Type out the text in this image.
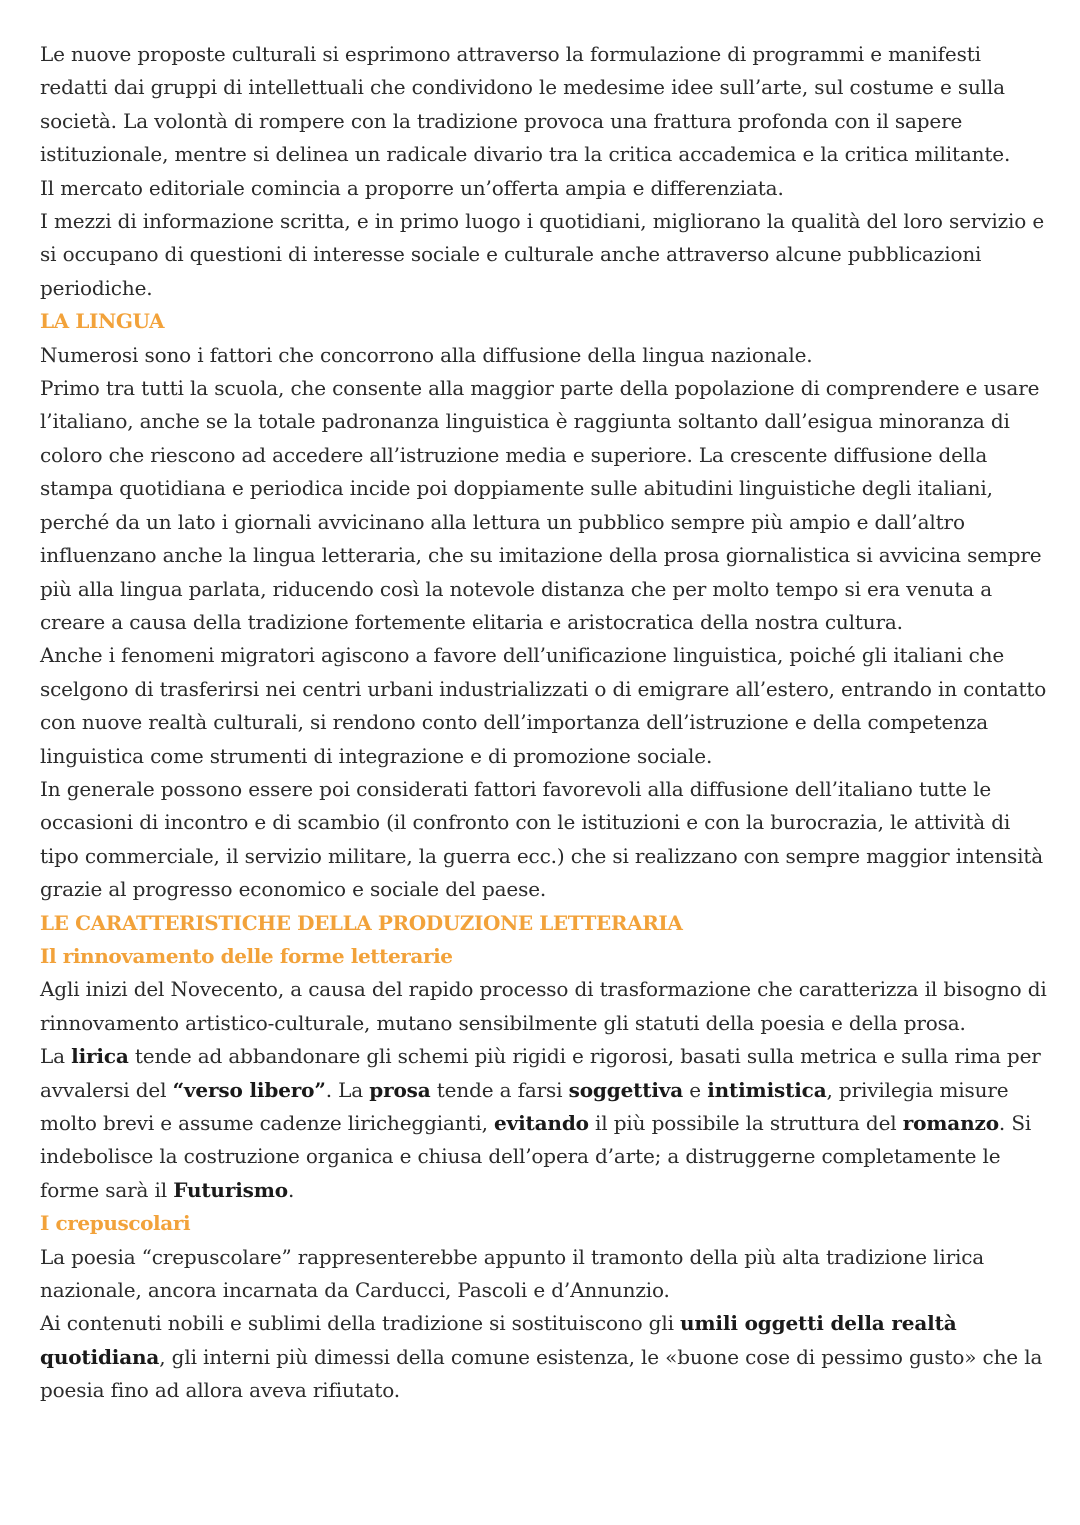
Le nuove proposte culturali si esprimono attraverso la formulazione di programmi e manifesti redatti dai gruppi di intellettuali che condividono le medesime idee sull’arte, sul costume e sulla società. La volontà di rompere con la tradizione provoca una frattura profonda con il sapere istituzionale, mentre si delinea un radicale divario tra la critica accademica e la critica militante.

Il mercato editoriale comincia a proporre un’offerta ampia e differenziata.

I mezzi di informazione scritta, e in primo luogo i quotidiani, migliorano la qualità del loro servizio e si occupano di questioni di interesse sociale e culturale anche attraverso alcune pubblicazioni periodiche.

LA LINGUA

Numerosi sono i fattori che concorrono alla diffusione della lingua nazionale.

Primo tra tutti la scuola, che consente alla maggior parte della popolazione di comprendere e usare l’italiano, anche se la totale padronanza linguistica è raggiunta soltanto dall’esigua minoranza di coloro che riescono ad accedere all’istruzione media e superiore. La crescente diffusione della stampa quotidiana e periodica incide poi doppiamente sulle abitudini linguistiche degli italiani, perché da un lato i giornali avvicinano alla lettura un pubblico sempre più ampio e dall’altro influenzano anche la lingua letteraria, che su imitazione della prosa giornalistica si avvicina sempre più alla lingua parlata, riducendo così la notevole distanza che per molto tempo si era venuta a creare a causa della tradizione fortemente elitaria e aristocratica della nostra cultura.

Anche i fenomeni migratori agiscono a favore dell’unificazione linguistica, poiché gli italiani che scelgono di trasferirsi nei centri urbani industrializzati o di emigrare all’estero, entrando in contatto con nuove realtà culturali, si rendono conto dell’importanza dell’istruzione e della competenza linguistica come strumenti di integrazione e di promozione sociale.

In generale possono essere poi considerati fattori favorevoli alla diffusione dell’italiano tutte le occasioni di incontro e di scambio (il confronto con le istituzioni e con la burocrazia, le attività di tipo commerciale, il servizio militare, la guerra ecc.) che si realizzano con sempre maggior intensità grazie al progresso economico e sociale del paese.

LE CARATTERISTICHE DELLA PRODUZIONE LETTERARIA

Il rinnovamento delle forme letterarie

Agli inizi del Novecento, a causa del rapido processo di trasformazione che caratterizza il bisogno di rinnovamento artistico-culturale, mutano sensibilmente gli statuti della poesia e della prosa.

La lirica tende ad abbandonare gli schemi più rigidi e rigorosi, basati sulla metrica e sulla rima per avvalersi del “verso libero”. La prosa tende a farsi soggettiva e intimistica, privilegia misure molto brevi e assume cadenze liricheggianti, evitando il più possibile la struttura del romanzo. Si indebolisce la costruzione organica e chiusa dell’opera d’arte; a distruggerne completamente le forme sarà il Futurismo.

I crepuscolari

La poesia “crepuscolare” rappresenterebbe appunto il tramonto della più alta tradizione lirica nazionale, ancora incarnata da Carducci, Pascoli e d’Annunzio.

Ai contenuti nobili e sublimi della tradizione si sostituiscono gli umili oggetti della realtà quotidiana, gli interni più dimessi della comune esistenza, le «buone cose di pessimo gusto» che la poesia fino ad allora aveva rifiutato.
